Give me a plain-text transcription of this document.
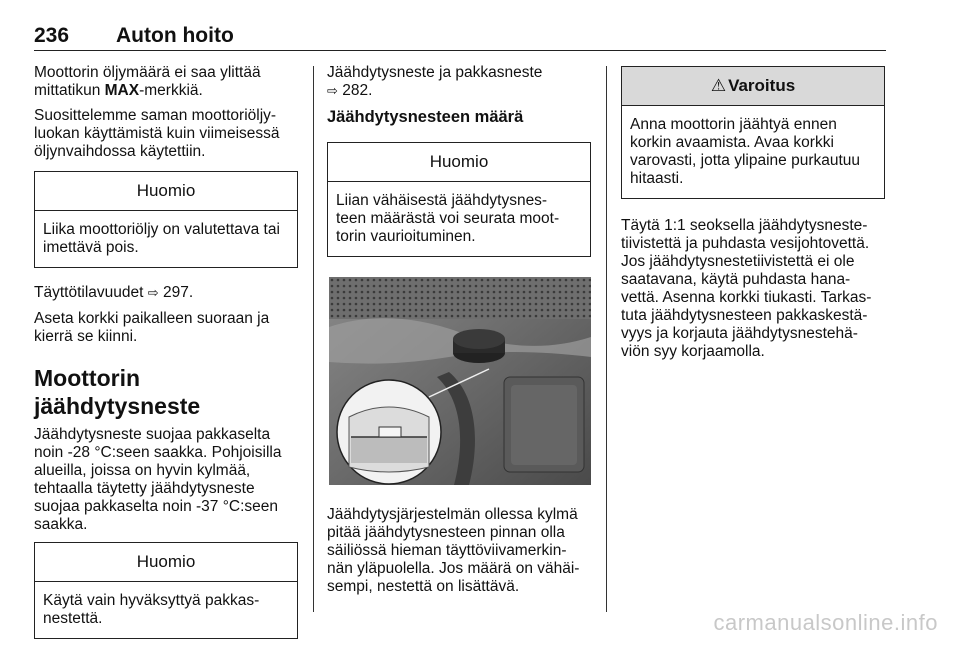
236 Auton hoito

Moottorin öljymäärä ei saa ylittää
mittatikun MAX-merkkiä.

Suosittelemme saman moottoriöljy-
luokan käyttämistä kuin viimeisessä
öljynvaihdossa käytettiin.

Huomio
Liika moottoriöljy on valutettava tai
imettävä pois.

Täyttötilavuudet ⇨ 297.

Aseta korkki paikalleen suoraan ja
kierrä se kiinni.

Moottorin jäähdytysneste

Jäähdytysneste suojaa pakkaselta
noin -28 °C:seen saakka. Pohjoisilla
alueilla, joissa on hyvin kylmää,
tehtaalla täytetty jäähdytysneste
suojaa pakkaselta noin -37 °C:seen
saakka.

Huomio
Käytä vain hyväksyttyä pakkas-
nestettä.

Jäähdytysneste ja pakkasneste
⇨ 282.

Jäähdytysnesteen määrä
Huomio
Liian vähäisestä jäähdytysnes-
teen määrästä voi seurata moot-
torin vaurioituminen.

Jäähdytysjärjestelmän ollessa kylmä
pitää jäähdytysnesteen pinnan olla
säiliössä hieman täyttöviivamerkin-
nän yläpuolella. Jos määrä on vähäi-
sempi, nestettä on lisättävä.

⚠ Varoitus
Anna moottorin jäähtyä ennen
korkin avaamista. Avaa korkki
varovasti, jotta ylipaine purkautuu
hitaasti.

Täytä 1:1 seoksella jäähdytysneste-
tiivistettä ja puhdasta vesijohtovettä.
Jos jäähdytysnestetiivistettä ei ole
saatavana, käytä puhdasta hana-
vettä. Asenna korkki tiukasti. Tarkas-
tuta jäähdytysnesteen pakkaskestä-
vyys ja korjauta jäähdytysnestehä-
viön syy korjaamolla.

carmanualsonline.info
